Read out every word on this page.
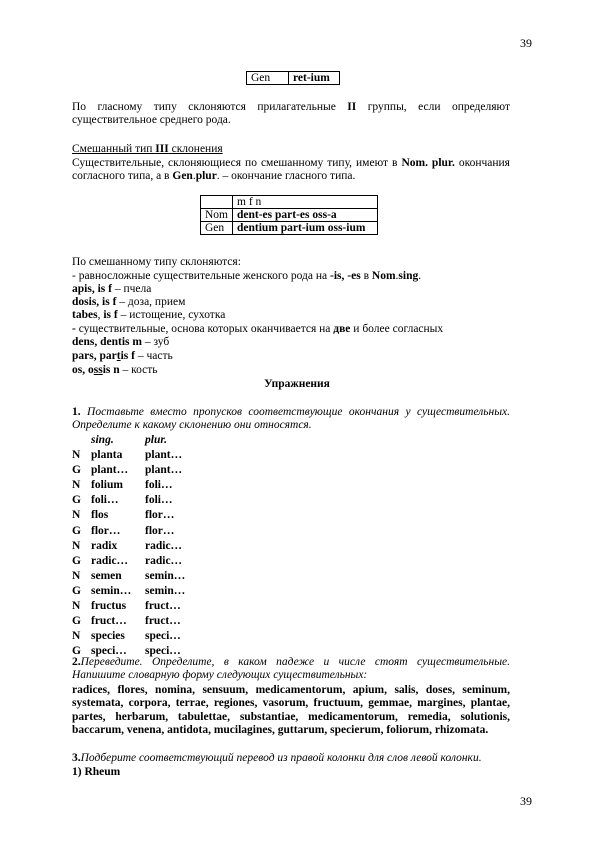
39
Gen	ret-ium
По гласному типу склоняются прилагательные II группы, если определяют существительное среднего рода.
Смешанный тип III склонения
Существительные, склоняющиеся по смешанному типу, имеют в Nom. plur. окончания согласного типа, а в Gen.plur. – окончание гласного типа.
	m f n
Nom	dent-es part-es oss-a
Gen	dentium part-ium oss-ium
По смешанному типу склоняются:
- равносложные существительные женского рода на -is, -es в Nom.sing.
apis, is f – пчела
dosis, is f – доза, прием
tabes, is f – истощение, сухотка
- существительные, основа которых оканчивается на две и более согласных
dens, dentis m – зуб
pars, partis f – часть
os, ossis n – кость
Упражнения
1. Поставьте вместо пропусков соответствующие окончания у существительных. Определите к какому склонению они относятся.
sing.	plur.
N planta plant…
G plant… plant…
N folium foli…
G foli… foli…
N flos	flor…
G flor… flor…
N radix radic…
G radic… radic…
N semen semin…
G semin… semin…
N fructus fruct…
G fruct… fruct…
N species speci…
G speci… speci…
2.Переведите. Определите, в каком падеже и числе стоят существительные. Напишите словарную форму следующих существительных:
radices, flores, nomina, sensuum, medicamentorum, apium, salis, doses, seminum, systemata, corpora, terrae, regiones, vasorum, fructuum, gemmae, margines, plantae, partes, herbarum, tabulettae, substantiae, medicamentorum, remedia, solutionis, baccarum, venena, antidota, mucilagines, guttarum, specierum, foliorum, rhizomata.
3.Подберите соответствующий перевод из правой колонки для слов левой колонки.
1) Rheum
39
